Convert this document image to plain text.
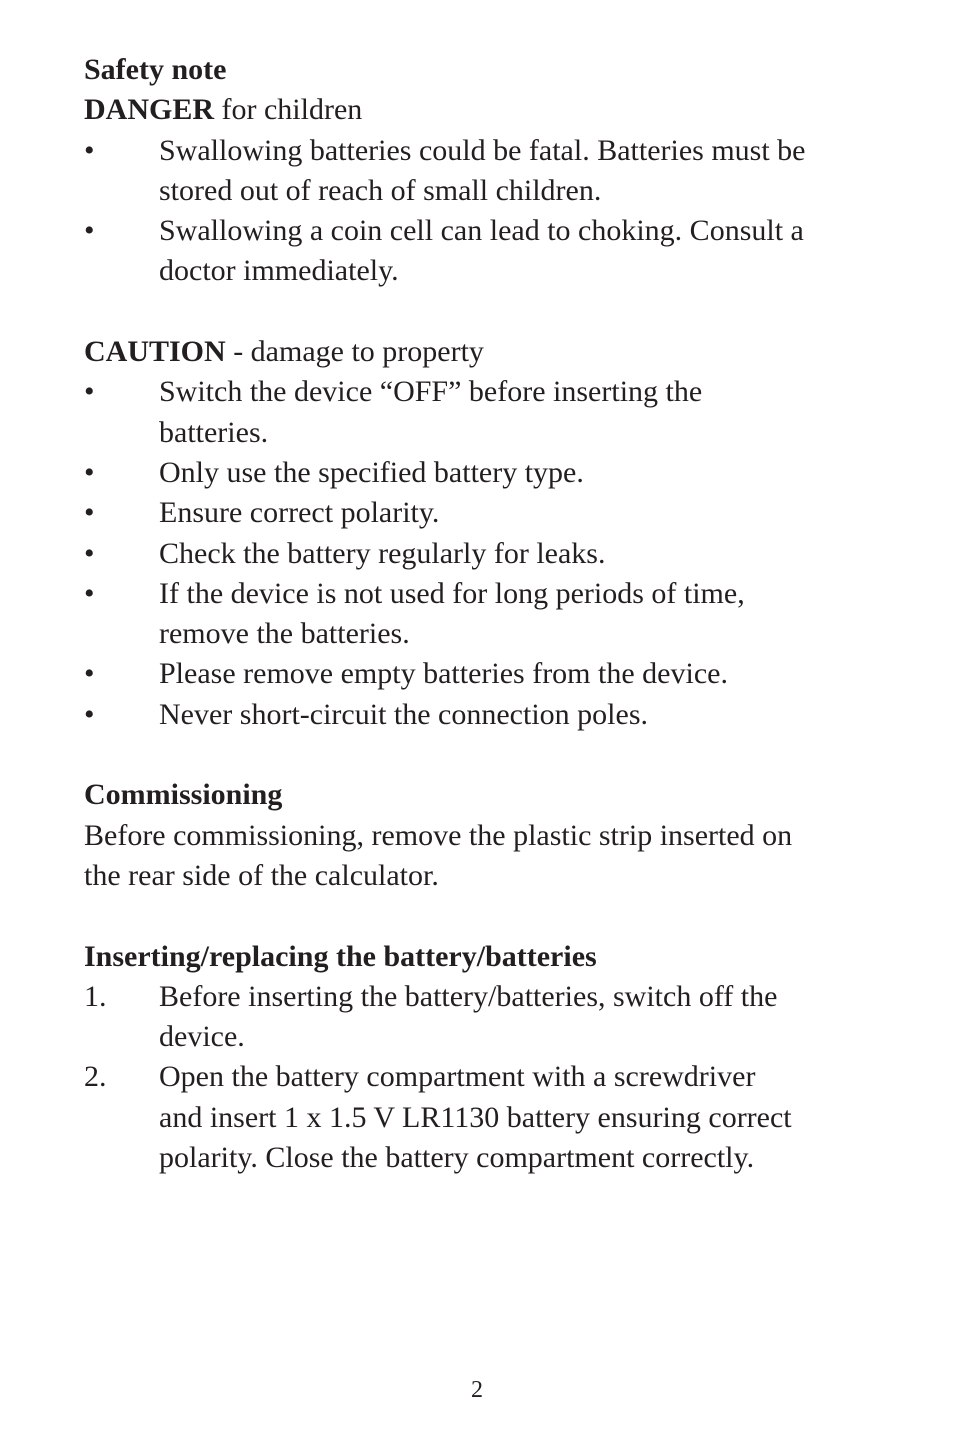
Safety note
DANGER for children
•	Swallowing batteries could be fatal. Batteries must be
stored out of reach of small children.
•	Swallowing a coin cell can lead to choking. Consult a
doctor immediately.
CAUTION - damage to property
•	Switch the device “OFF” before inserting the
batteries.
•	Only use the specified battery type.
•	Ensure correct polarity.
•	Check the battery regularly for leaks.
•	If the device is not used for long periods of time,
remove the batteries.
•	Please remove empty batteries from the device.
•	Never short-circuit the connection poles.
Commissioning
Before commissioning, remove the plastic strip inserted on
the rear side of the calculator.
Inserting/replacing the battery/batteries
1.	Before inserting the battery/batteries, switch off the
device.
2.	Open the battery compartment with a screwdriver
and insert 1 x 1.5 V LR1130 battery ensuring correct
polarity. Close the battery compartment correctly.
2
